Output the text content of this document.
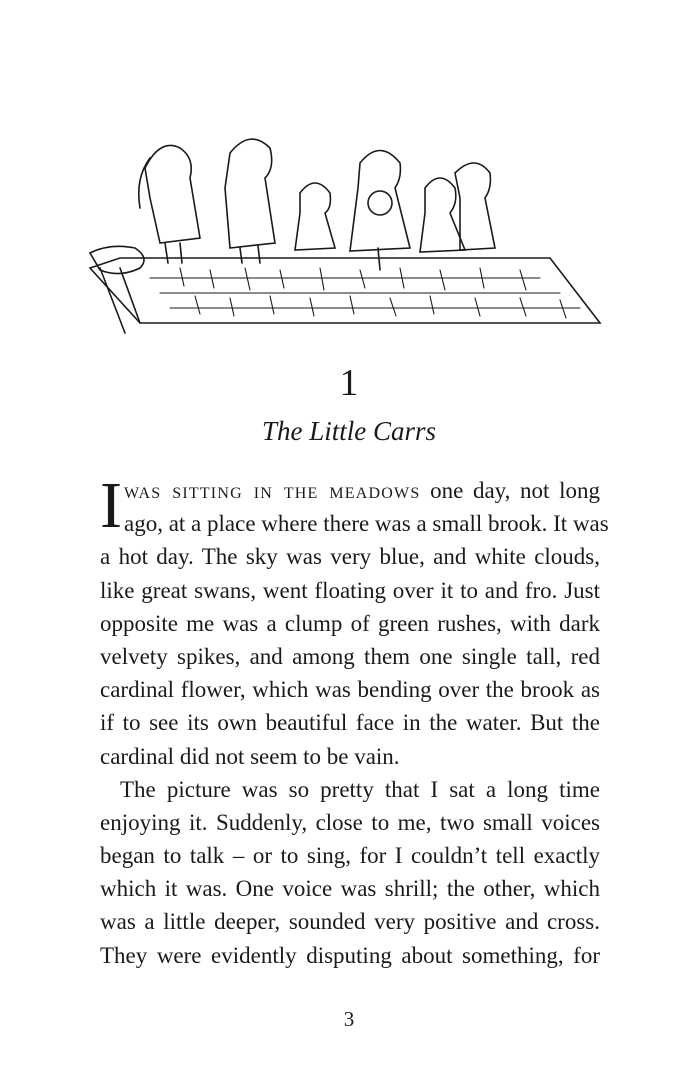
1
The Little Carrs
I was sitting in the meadows one day, not long
ago, at a place where there was a small brook. It was
a hot day. The sky was very blue, and white clouds,
like great swans, went floating over it to and fro. Just
opposite me was a clump of green rushes, with dark
velvety spikes, and among them one single tall, red
cardinal flower, which was bending over the brook as
if to see its own beautiful face in the water. But the
cardinal did not seem to be vain.
The picture was so pretty that I sat a long time
enjoying it. Suddenly, close to me, two small voices
began to talk – or to sing, for I couldn’t tell exactly
which it was. One voice was shrill; the other, which
was a little deeper, sounded very positive and cross.
They were evidently disputing about something, for
3
